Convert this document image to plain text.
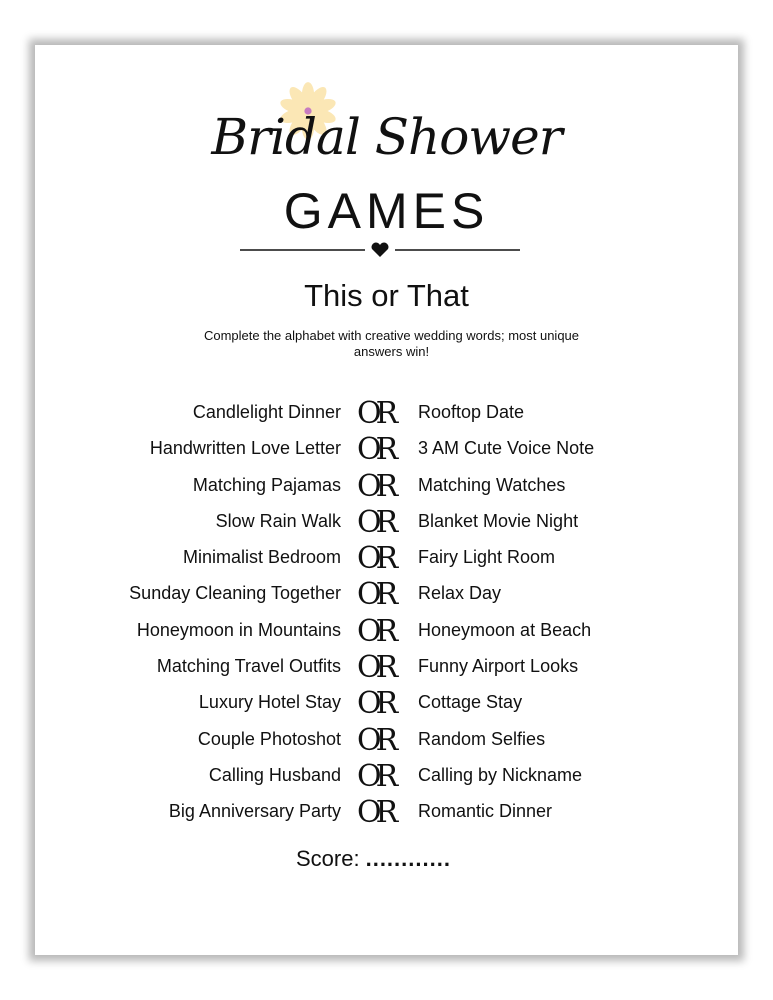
Bridal Shower
GAMES
This or That
Complete the alphabet with creative wedding words; most unique answers win!
Candlelight Dinner OR Rooftop Date
Handwritten Love Letter OR 3 AM Cute Voice Note
Matching Pajamas OR Matching Watches
Slow Rain Walk OR Blanket Movie Night
Minimalist Bedroom OR Fairy Light Room
Sunday Cleaning Together OR Relax Day
Honeymoon in Mountains OR Honeymoon at Beach
Matching Travel Outfits OR Funny Airport Looks
Luxury Hotel Stay OR Cottage Stay
Couple Photoshot OR Random Selfies
Calling Husband OR Calling by Nickname
Big Anniversary Party OR Romantic Dinner
Score: ............
